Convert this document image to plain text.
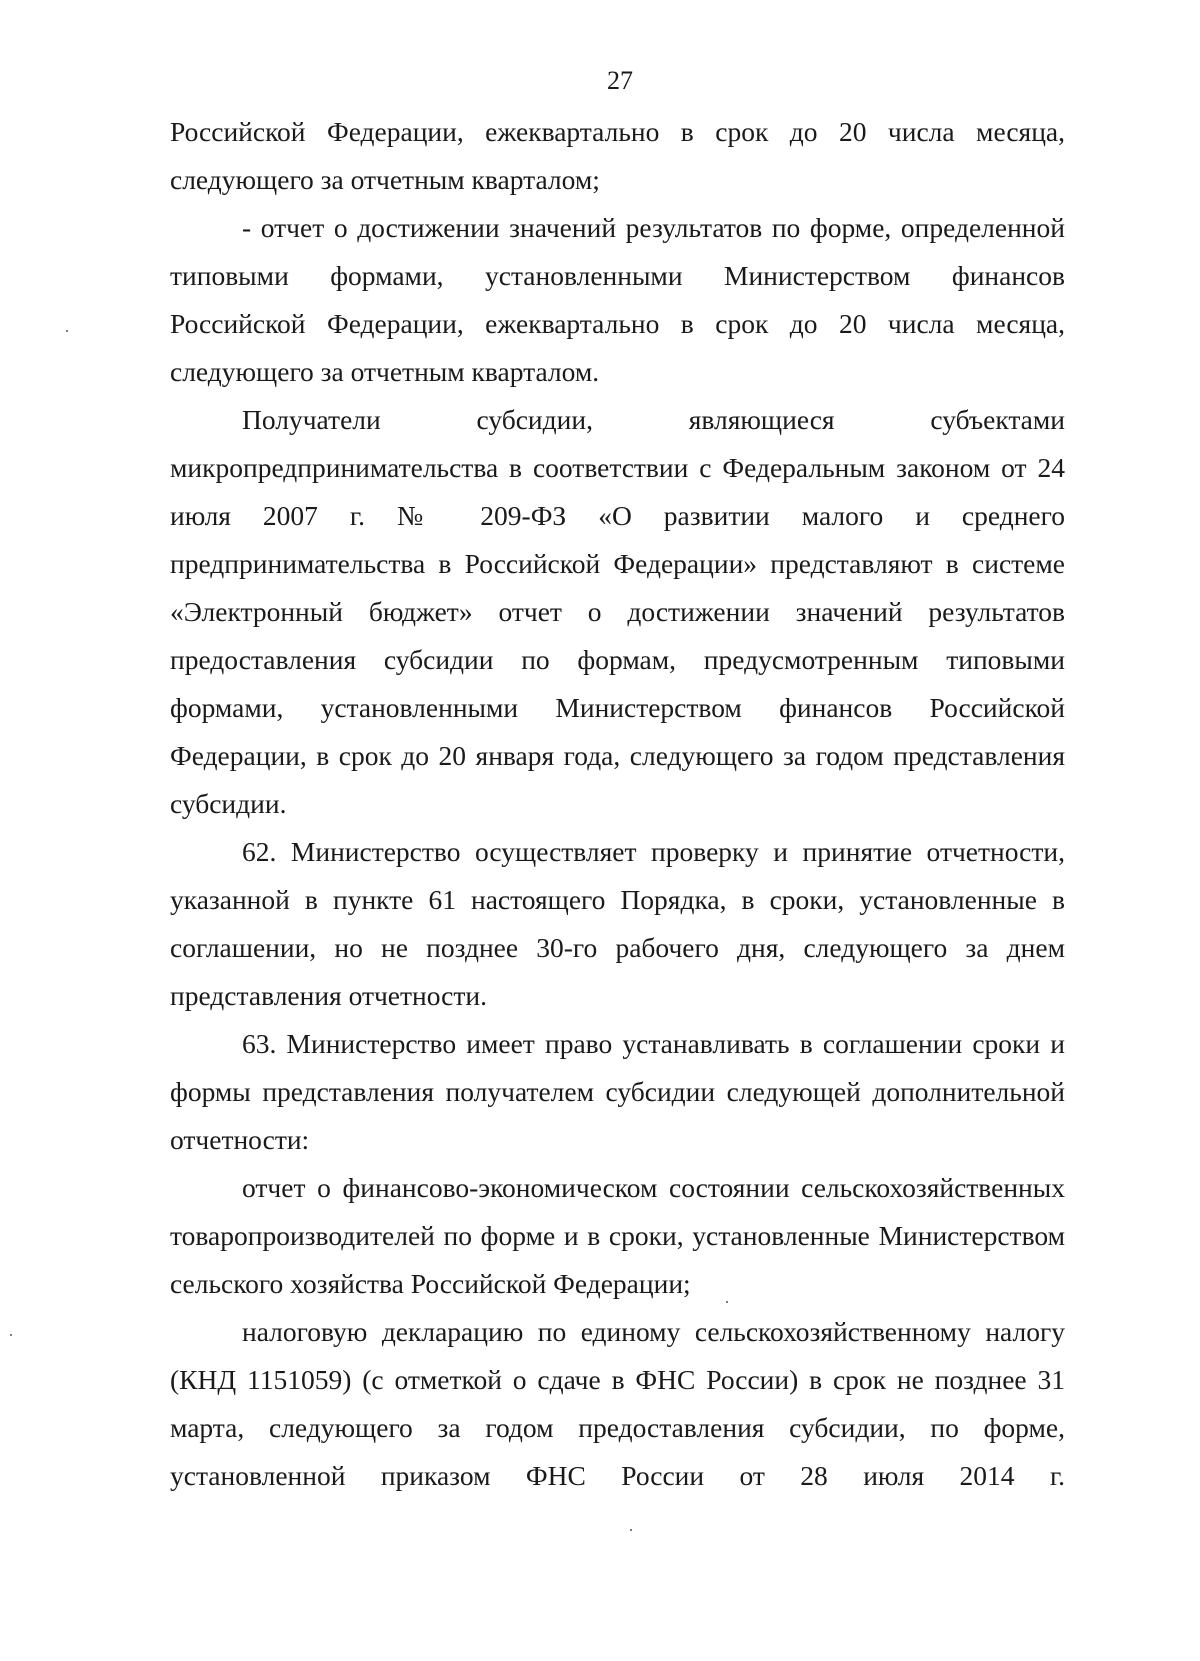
27

Российской Федерации, ежеквартально в срок до 20 числа месяца, следующего за отчетным кварталом;

- отчет о достижении значений результатов по форме, определенной типовыми формами, установленными Министерством финансов Российской Федерации, ежеквартально в срок до 20 числа месяца, следующего за отчетным кварталом.

Получатели субсидии, являющиеся субъектами микропредпринимательства в соответствии с Федеральным законом от 24 июля 2007 г. № 209-ФЗ «О развитии малого и среднего предпринимательства в Российской Федерации» представляют в системе «Электронный бюджет» отчет о достижении значений результатов предоставления субсидии по формам, предусмотренным типовыми формами, установленными Министерством финансов Российской Федерации, в срок до 20 января года, следующего за годом представления субсидии.

62. Министерство осуществляет проверку и принятие отчетности, указанной в пункте 61 настоящего Порядка, в сроки, установленные в соглашении, но не позднее 30-го рабочего дня, следующего за днем представления отчетности.

63. Министерство имеет право устанавливать в соглашении сроки и формы представления получателем субсидии следующей дополнительной отчетности:

отчет о финансово-экономическом состоянии сельскохозяйственных товаропроизводителей по форме и в сроки, установленные Министерством сельского хозяйства Российской Федерации;

налоговую декларацию по единому сельскохозяйственному налогу (КНД 1151059) (с отметкой о сдаче в ФНС России) в срок не позднее 31 марта, следующего за годом предоставления субсидии, по форме, установленной приказом ФНС России от 28 июля 2014 г.
